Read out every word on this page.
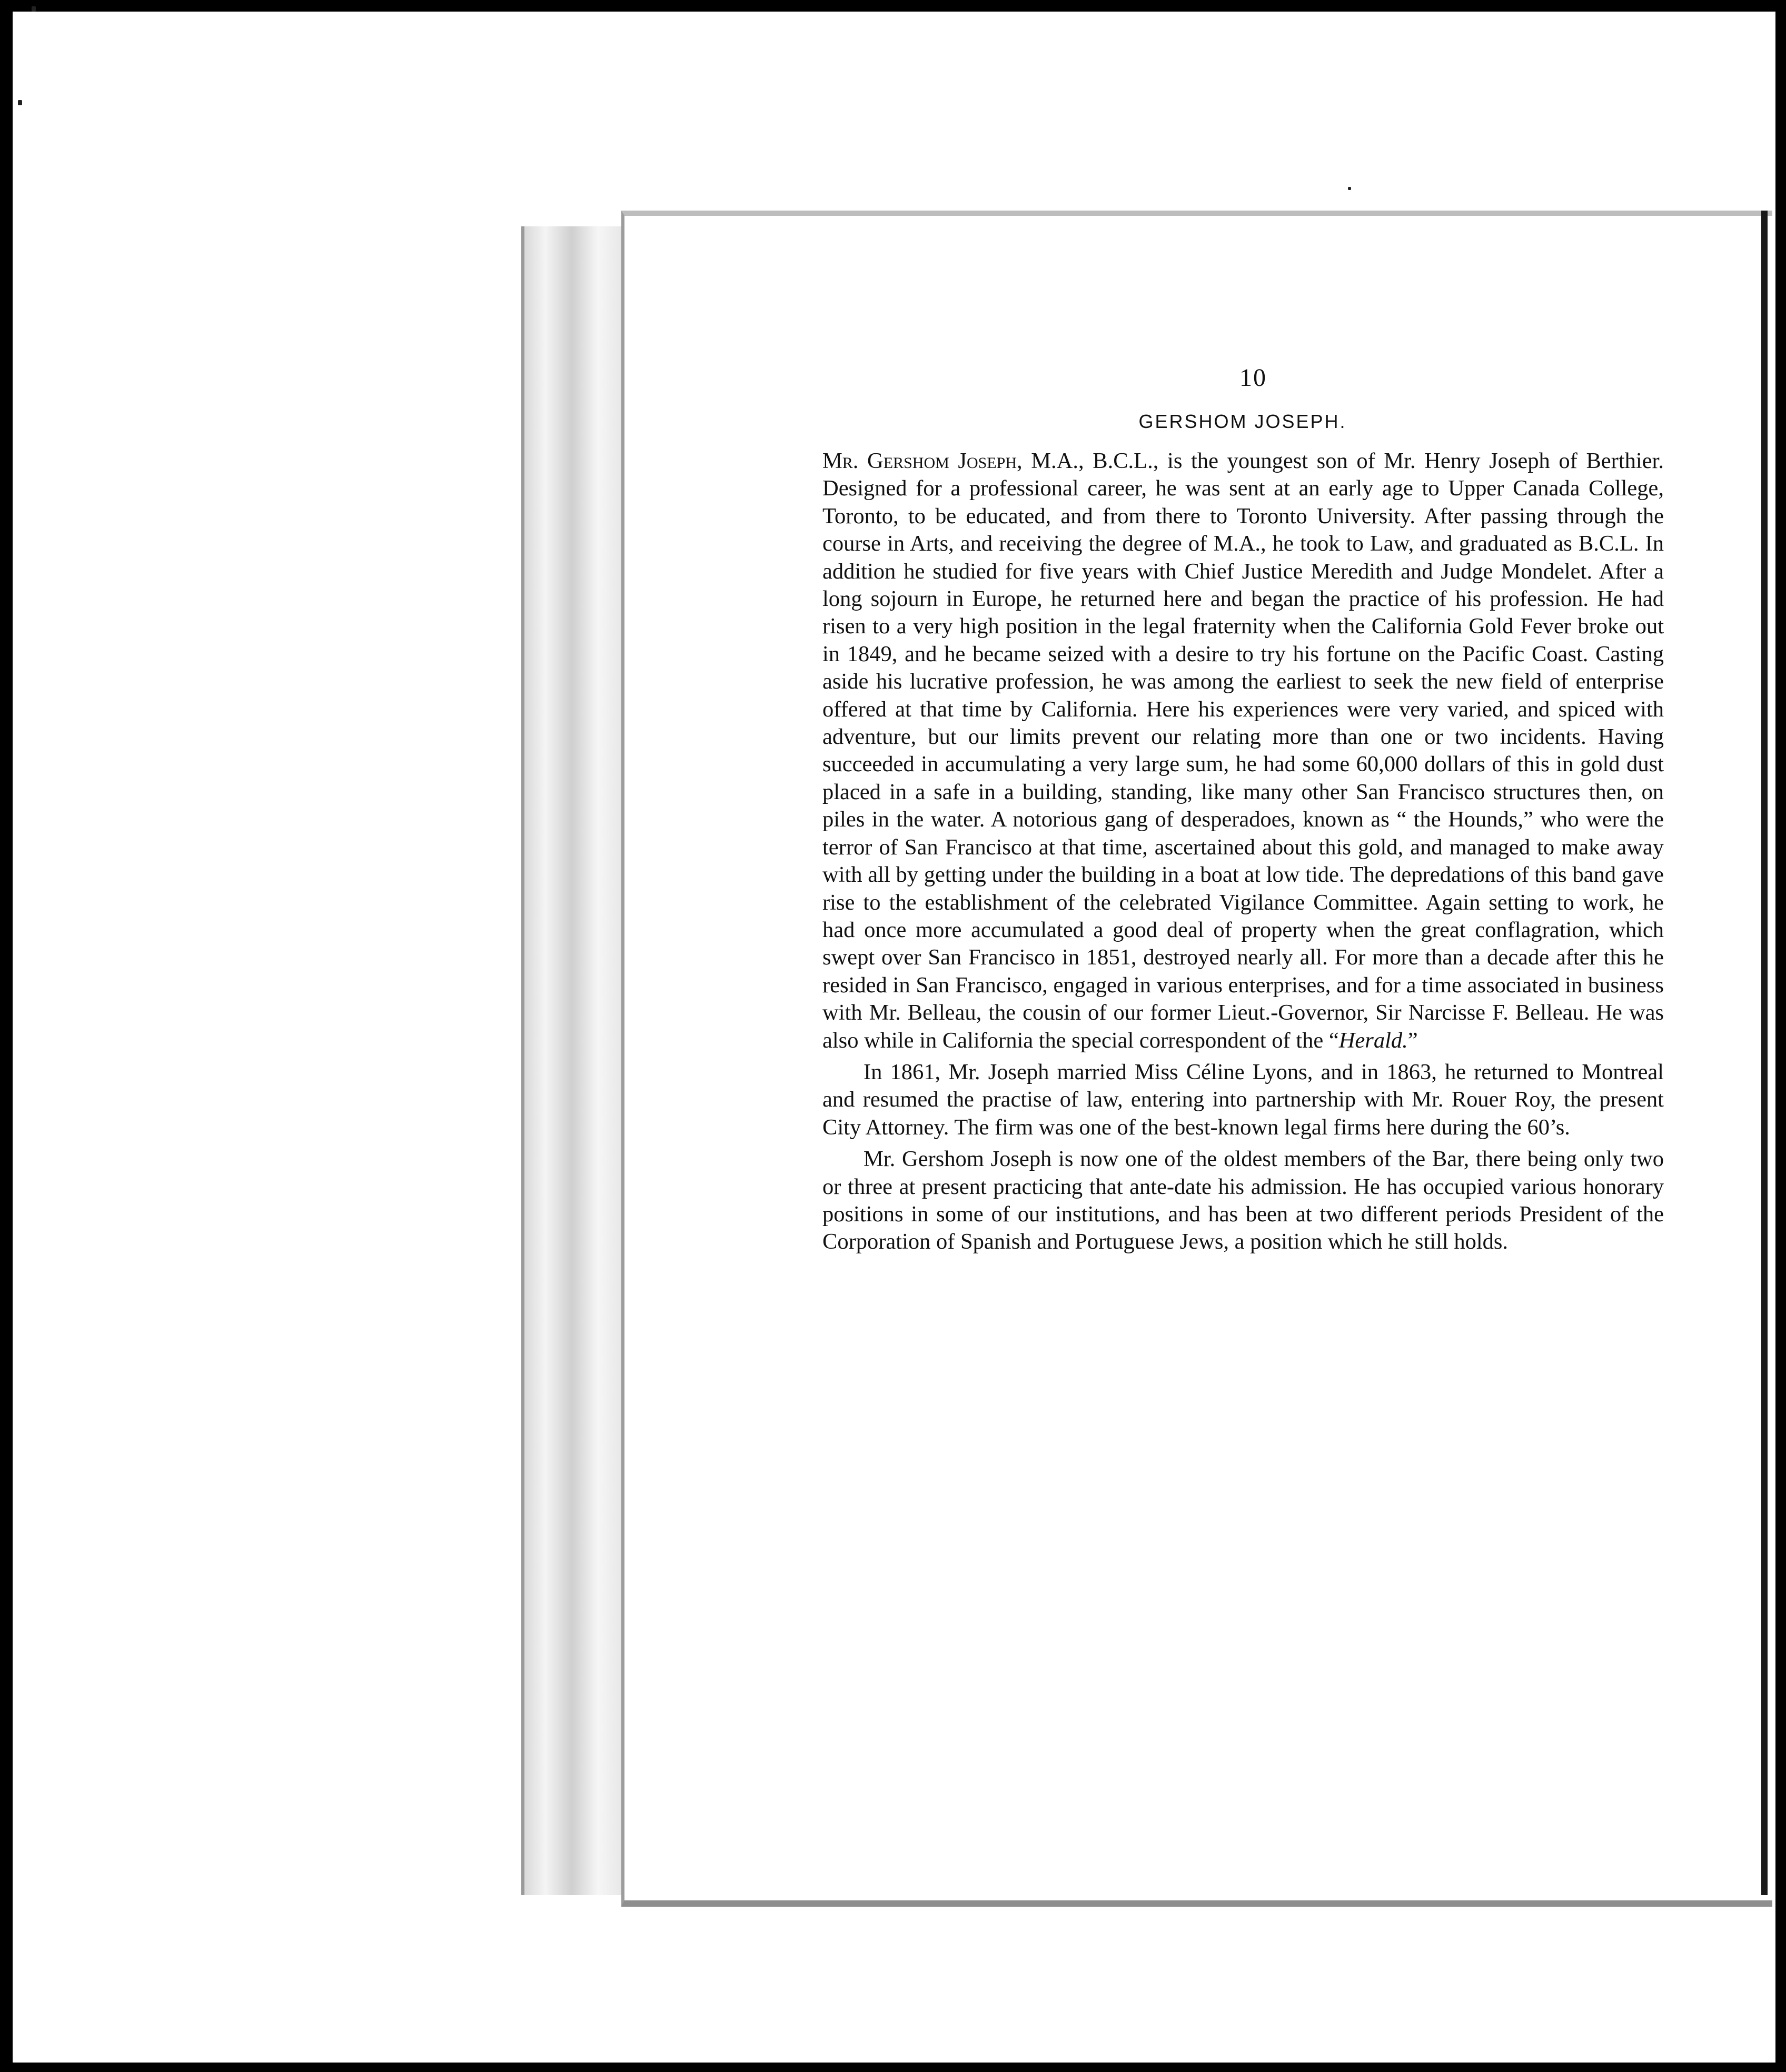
10
GERSHOM JOSEPH.

Mr. Gershom Joseph, M.A., B.C.L., is the youngest son of Mr. Henry Joseph of Berthier. Designed for a professional career, he was sent at an early age to Upper Canada College, Toronto, to be educated, and from there to Toronto University. After passing through the course in Arts, and receiving the degree of M.A., he took to Law, and graduated as B.C.L. In addition he studied for five years with Chief Justice Meredith and Judge Mondelet. After a long sojourn in Europe, he returned here and began the practice of his profession. He had risen to a very high position in the legal fraternity when the California Gold Fever broke out in 1849, and he became seized with a desire to try his fortune on the Pacific Coast. Casting aside his lucrative profession, he was among the earliest to seek the new field of enterprise offered at that time by California. Here his experiences were very varied, and spiced with adventure, but our limits prevent our relating more than one or two incidents. Having succeeded in accumulating a very large sum, he had some 60,000 dollars of this in gold dust placed in a safe in a building, standing, like many other San Francisco structures then, on piles in the water. A notorious gang of desperadoes, known as “ the Hounds,” who were the terror of San Francisco at that time, ascertained about this gold, and managed to make away with all by getting under the building in a boat at low tide. The depredations of this band gave rise to the establishment of the celebrated Vigilance Committee. Again setting to work, he had once more accumulated a good deal of property when the great conflagration, which swept over San Francisco in 1851, destroyed nearly all. For more than a decade after this he resided in San Francisco, engaged in various enterprises, and for a time associated in business with Mr. Belleau, the cousin of our former Lieut.-Governor, Sir Narcisse F. Belleau. He was also while in California the special correspondent of the “Herald.”

In 1861, Mr. Joseph married Miss Céline Lyons, and in 1863, he returned to Montreal and resumed the practise of law, entering into partnership with Mr. Rouer Roy, the present City Attorney. The firm was one of the best-known legal firms here during the 60’s.

Mr. Gershom Joseph is now one of the oldest members of the Bar, there being only two or three at present practicing that ante-date his admission. He has occupied various honorary positions in some of our institutions, and has been at two different periods President of the Corporation of Spanish and Portuguese Jews, a position which he still holds.
